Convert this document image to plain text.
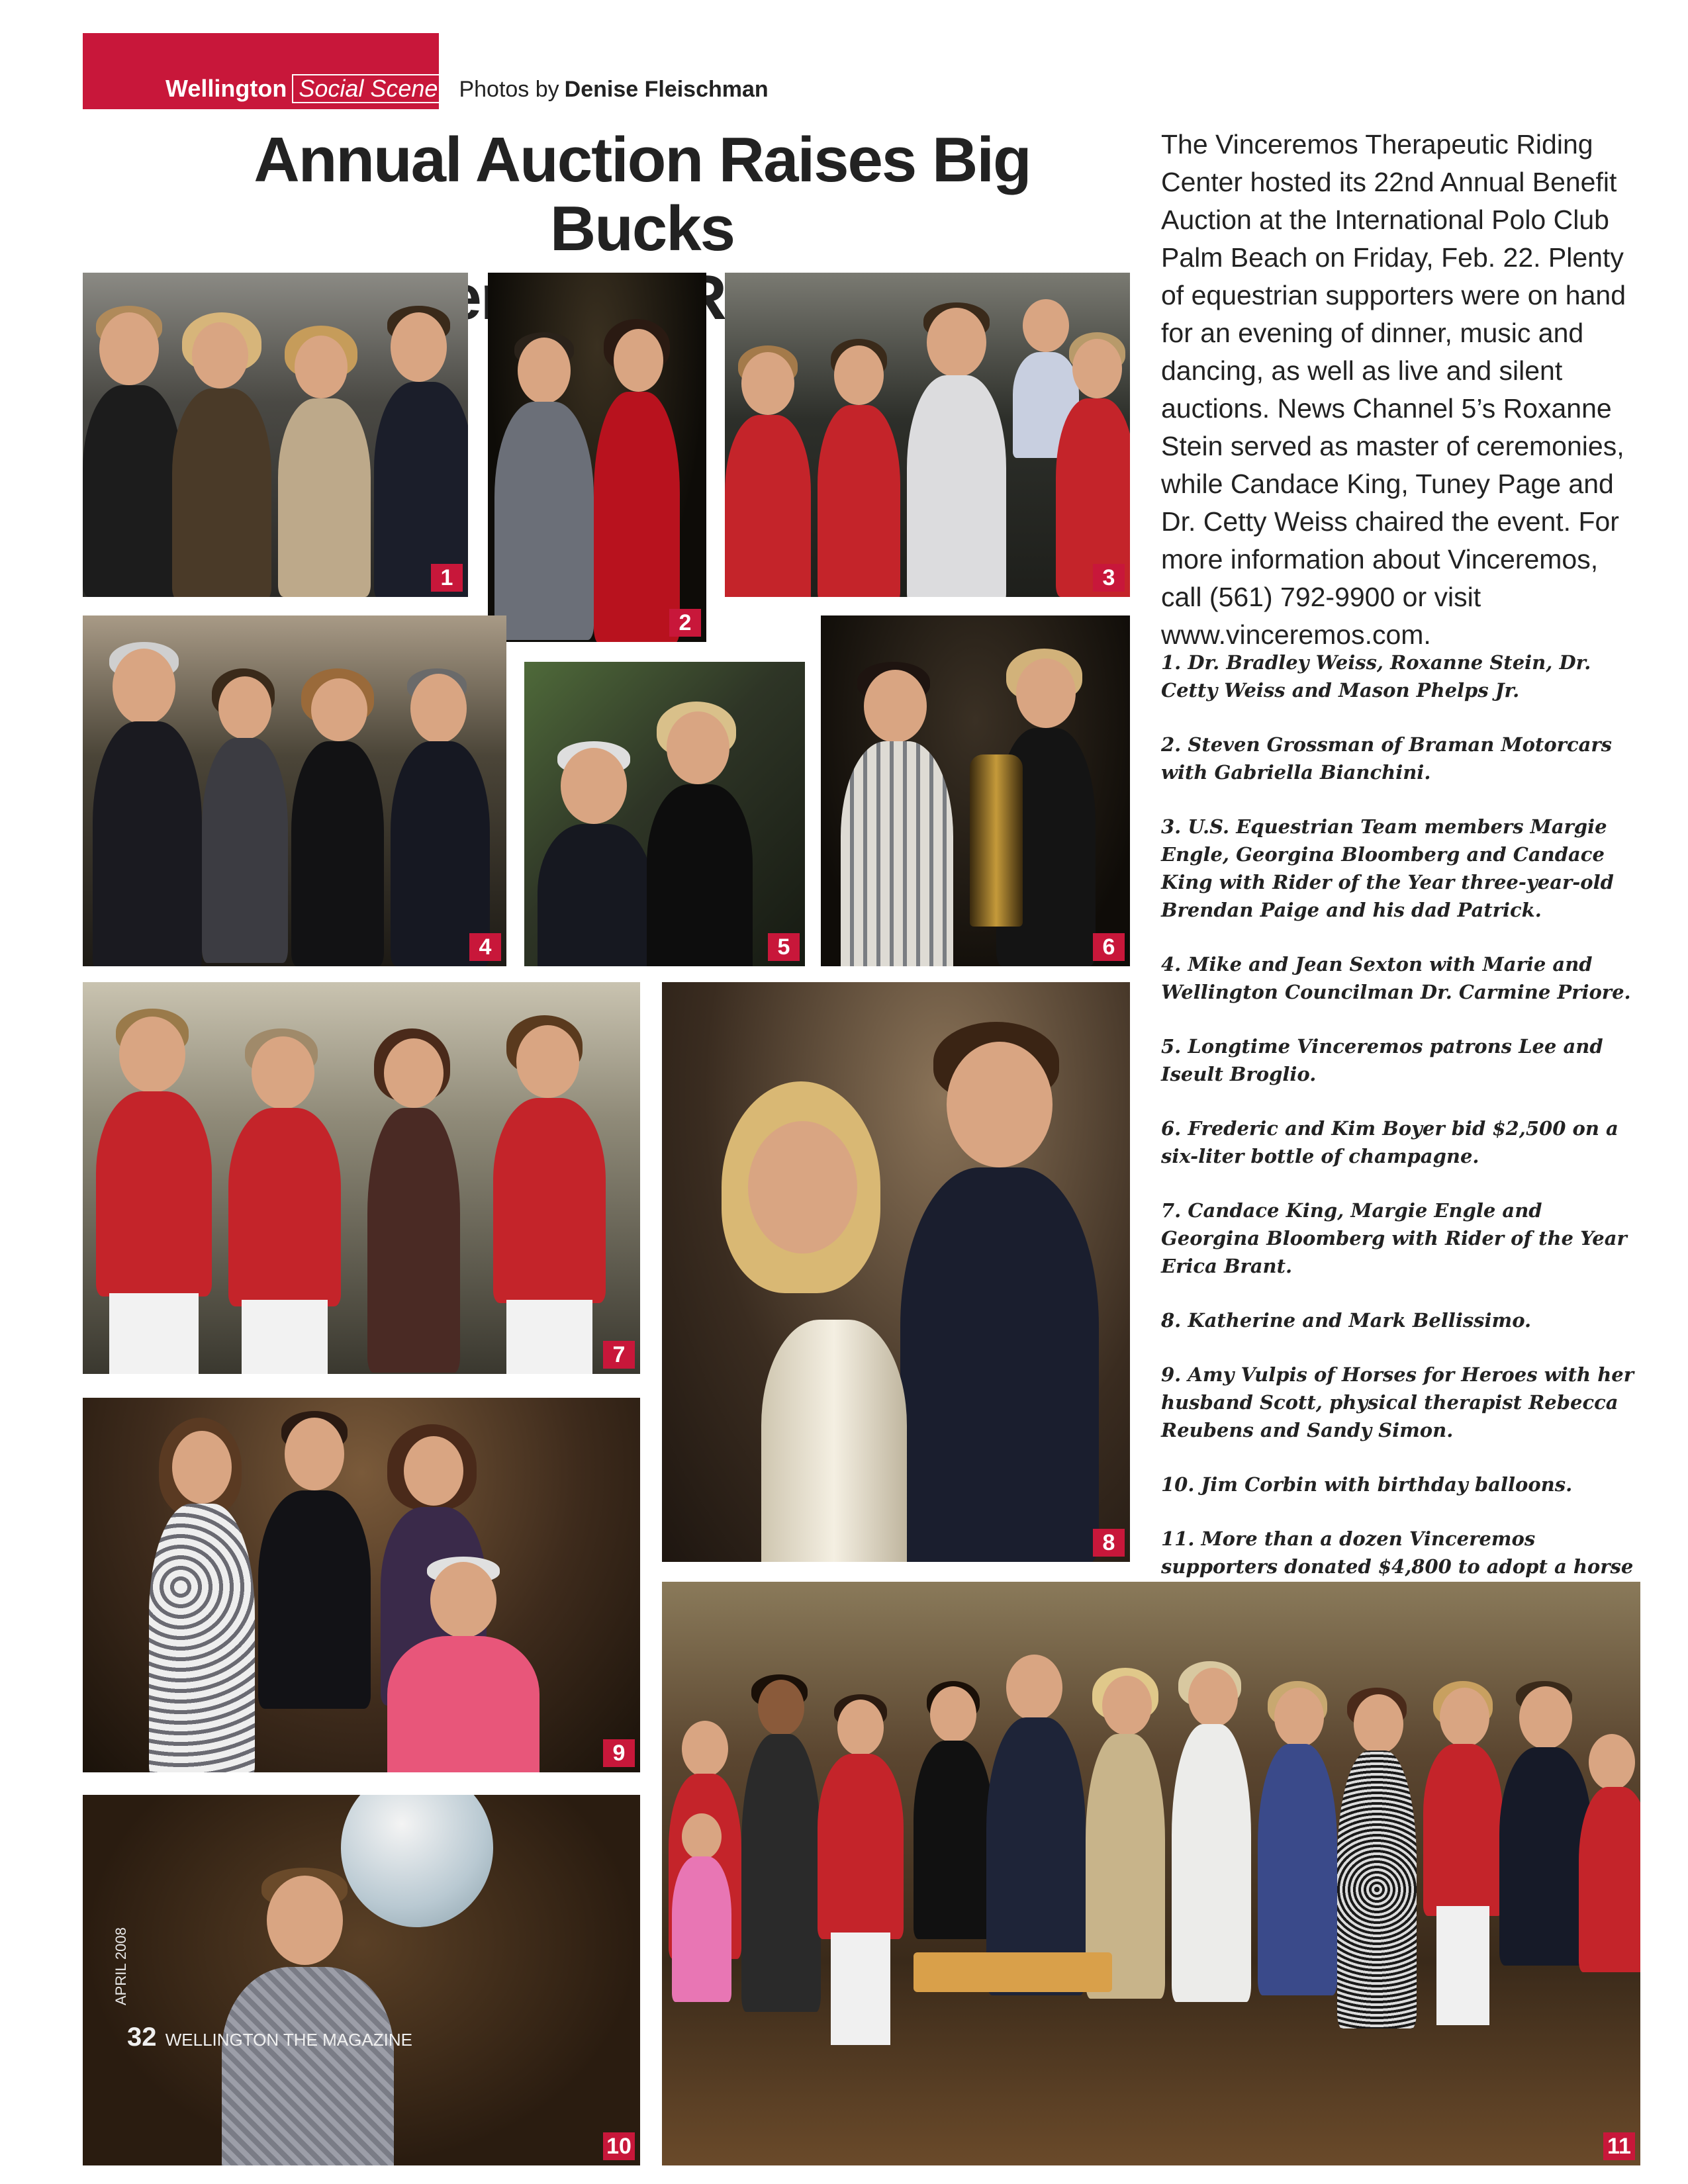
Wellington Social Scene Photos by Denise Fleischman
Annual Auction Raises Big Bucks

The Vinceremos Therapeutic Riding Center hosted its 22nd Annual Benefit Auction at the International Polo Club Palm Beach on Friday, Feb. 22. Plenty of equestrian supporters were on hand for an evening of dinner, music and dancing, as well as live and silent auctions. News Channel 5’s Roxanne Stein served as master of ceremonies, while Candace King, Tuney Page and Dr. Cetty Weiss chaired the event. For more information about Vinceremos, call (561) 792-9900 or visit www.vinceremos.com.

1. Dr. Bradley Weiss, Roxanne Stein, Dr. Cetty Weiss and Mason Phelps Jr.

2. Steven Grossman of Braman Motorcars with Gabriella Bianchini.

3. U.S. Equestrian Team members Margie Engle, Georgina Bloomberg and Candace King with Rider of the Year three-year-old Brendan Paige and his dad Patrick.

4. Mike and Jean Sexton with Marie and Wellington Councilman Dr. Carmine Priore.

5. Longtime Vinceremos patrons Lee and Iseult Broglio.

6. Frederic and Kim Boyer bid $2,500 on a six-liter bottle of champagne.

7. Candace King, Margie Engle and Georgina Bloomberg with Rider of the Year Erica Brant.

8. Katherine and Mark Bellissimo.

9. Amy Vulpis of Horses for Heroes with her husband Scott, physical therapist Rebecca Reubens and Sandy Simon.

10. Jim Corbin with birthday balloons.

11. More than a dozen Vinceremos supporters donated $4,800 to adopt a horse

1
2
3
4	5	6
7
8
9
10	11
32 WELLINGTON THE MAGAZINE
APRIL 2008
